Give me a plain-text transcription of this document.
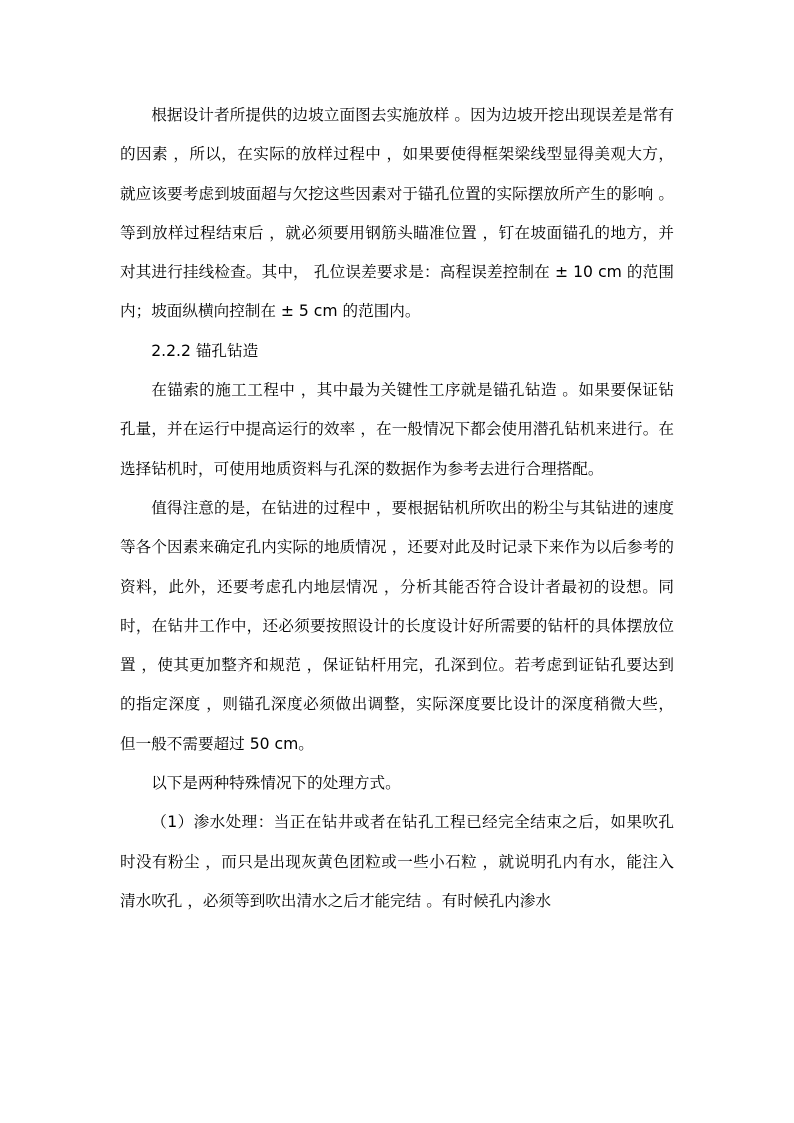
根据设计者所提供的边坡立面图去实施放样 。因为边坡开挖出现误差是常有的因素 ，所以，在实际的放样过程中 ，如果要使得框架梁线型显得美观大方，就应该要考虑到坡面超与欠挖这些因素对于锚孔位置的实际摆放所产生的影响 。等到放样过程结束后 ，就必须要用钢筋头瞄准位置 ，钉在坡面锚孔的地方，并对其进行挂线检查。其中， 孔位误差要求是：高程误差控制在 ± 10 cm 的范围内；坡面纵横向控制在 ± 5 cm 的范围内。

2.2.2 锚孔钻造

在锚索的施工工程中 ，其中最为关键性工序就是锚孔钻造 。如果要保证钻孔量，并在运行中提高运行的效率 ，在一般情况下都会使用潜孔钻机来进行。在选择钻机时，可使用地质资料与孔深的数据作为参考去进行合理搭配。

值得注意的是，在钻进的过程中 ，要根据钻机所吹出的粉尘与其钻进的速度等各个因素来确定孔内实际的地质情况 ，还要对此及时记录下来作为以后参考的资料，此外，还要考虑孔内地层情况 ，分析其能否符合设计者最初的设想。同时，在钻井工作中，还必须要按照设计的长度设计好所需要的钻杆的具体摆放位置 ，使其更加整齐和规范 ，保证钻杆用完，孔深到位。若考虑到证钻孔要达到的指定深度 ，则锚孔深度必须做出调整，实际深度要比设计的深度稍微大些， 但一般不需要超过 50 cm。

以下是两种特殊情况下的处理方式。

（1）渗水处理：当正在钻井或者在钻孔工程已经完全结束之后，如果吹孔时没有粉尘 ，而只是出现灰黄色团粒或一些小石粒 ，就说明孔内有水，能注入清水吹孔 ，必须等到吹出清水之后才能完结 。有时候孔内渗水
